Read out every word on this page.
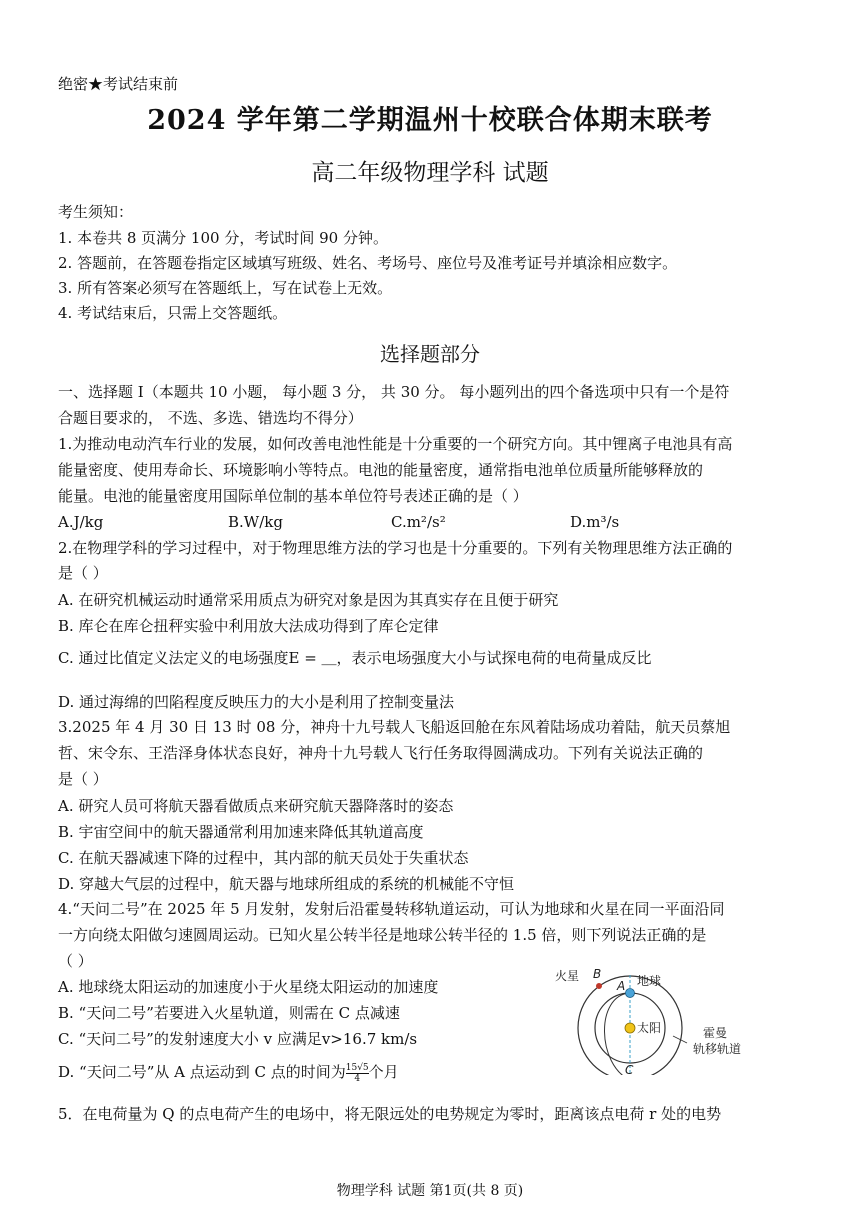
绝密★考试结束前
2024 学年第二学期温州十校联合体期末联考
高二年级物理学科 试题
考生须知：
1. 本卷共 8 页满分 100 分，考试时间 90 分钟。
2. 答题前，在答题卷指定区域填写班级、姓名、考场号、座位号及准考证号并填涂相应数字。
3. 所有答案必须写在答题纸上，写在试卷上无效。
4. 考试结束后，只需上交答题纸。
选择题部分
一、选择题 I（本题共 10 小题， 每小题 3 分， 共 30 分。 每小题列出的四个备选项中只有一个是符
合题目要求的， 不选、多选、错选均不得分）
1.为推动电动汽车行业的发展，如何改善电池性能是十分重要的一个研究方向。其中锂离子电池具有高
能量密度、使用寿命长、环境影响小等特点。电池的能量密度，通常指电池单位质量所能够释放的
能量。电池的能量密度用国际单位制的基本单位符号表述正确的是（ ）
A.J/kg	B.W/kg	C.m²/s²	D.m³/s
2.在物理学科的学习过程中，对于物理思维方法的学习也是十分重要的。下列有关物理思维方法正确的
是（ ）
A. 在研究机械运动时通常采用质点为研究对象是因为其真实存在且便于研究
B. 库仑在库仑扭秤实验中利用放大法成功得到了库仑定律
C. 通过比值定义法定义的电场强度E = ＿，表示电场强度大小与试探电荷的电荷量成反比
D. 通过海绵的凹陷程度反映压力的大小是利用了控制变量法
3.2025 年 4 月 30 日 13 时 08 分，神舟十九号载人飞船返回舱在东风着陆场成功着陆，航天员蔡旭
哲、宋令东、王浩泽身体状态良好，神舟十九号载人飞行任务取得圆满成功。下列有关说法正确的
是（ ）
A. 研究人员可将航天器看做质点来研究航天器降落时的姿态
B. 宇宙空间中的航天器通常利用加速来降低其轨道高度
C. 在航天器减速下降的过程中，其内部的航天员处于失重状态
D. 穿越大气层的过程中，航天器与地球所组成的系统的机械能不守恒
4.“天问二号”在 2025 年 5 月发射，发射后沿霍曼转移轨道运动，可认为地球和火星在同一平面沿同
一方向绕太阳做匀速圆周运动。已知火星公转半径是地球公转半径的 1.5 倍，则下列说法正确的是
（ ）
A. 地球绕太阳运动的加速度小于火星绕太阳运动的加速度
B. “天问二号”若要进入火星轨道，则需在 C 点减速
C. “天问二号”的发射速度大小 v 应满足v>16.7 km/s
D. “天问二号”从 A 点运动到 C 点的时间为 $\frac{15√5}{4}$ 个月
火星 B
A 地球
太阳	霍曼
轨移轨道
C
5．在电荷量为 Q 的点电荷产生的电场中，将无限远处的电势规定为零时，距离该点电荷 r 处的电势
物理学科 试题 第1页(共 8 页)
